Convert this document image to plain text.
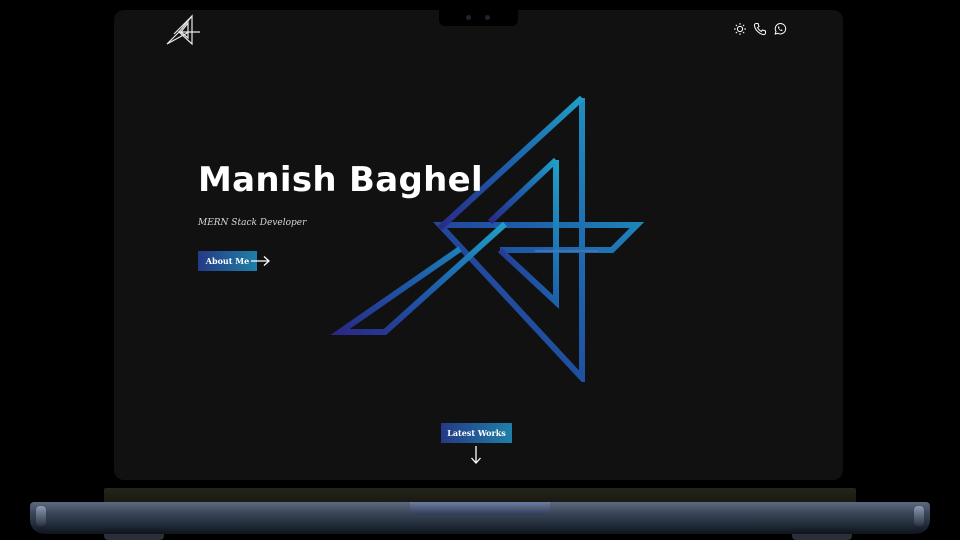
Manish Baghel
MERN Stack Developer
About Me
Latest Works
